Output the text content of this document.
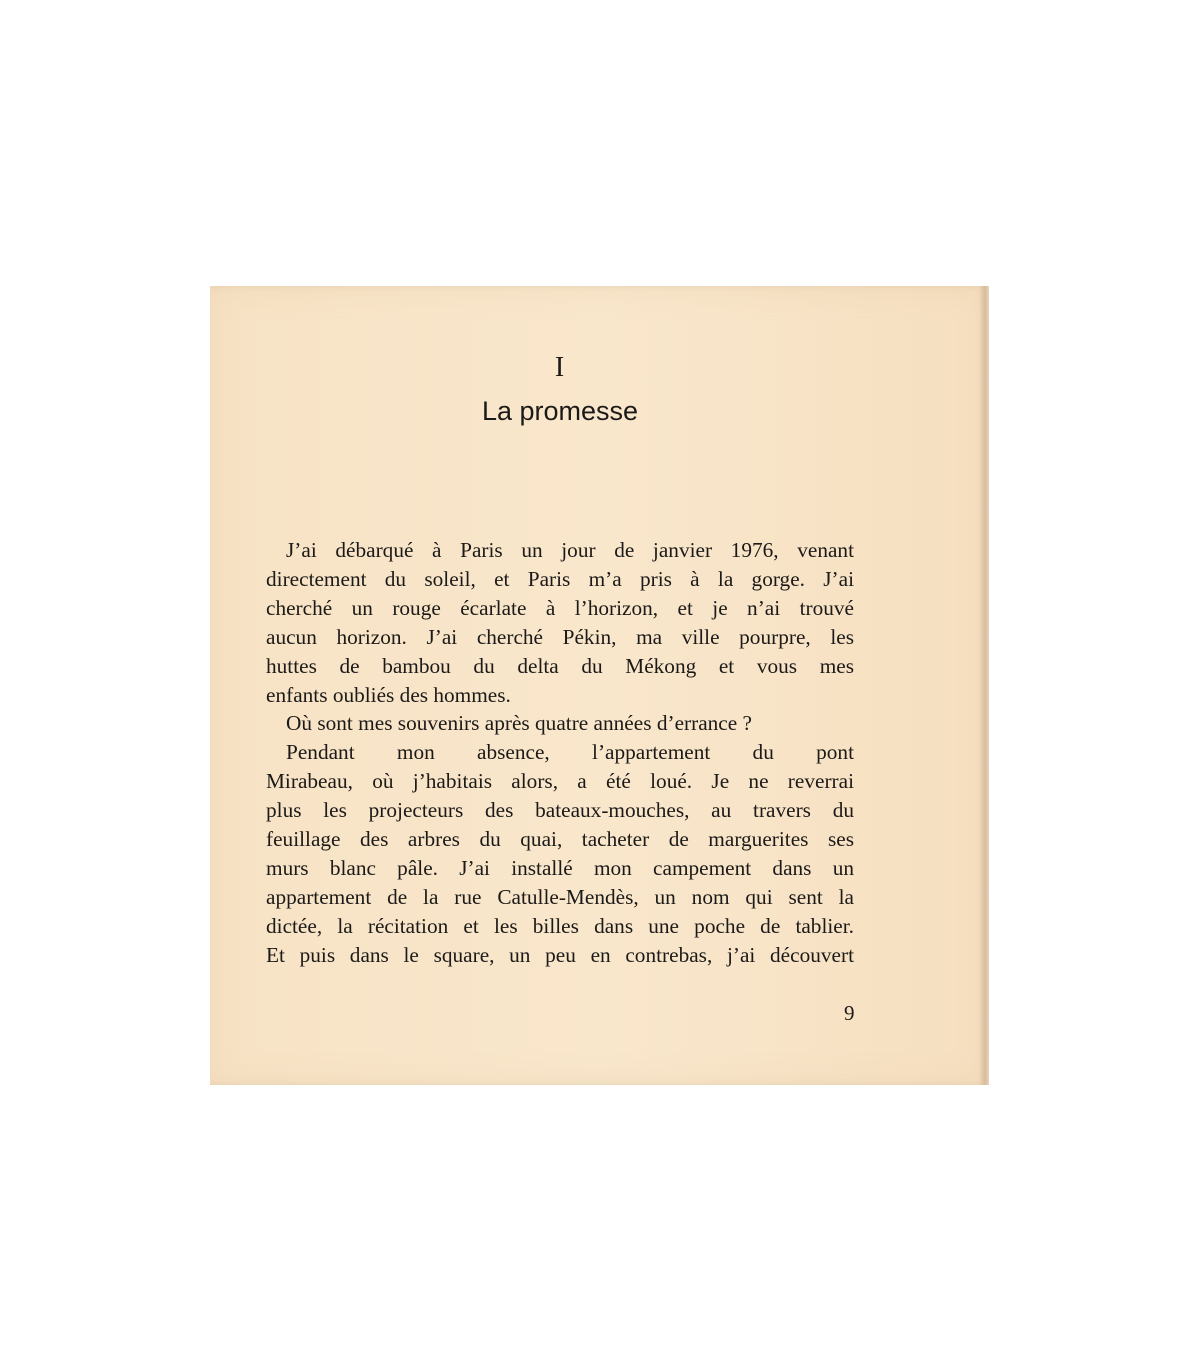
I
La promesse

J’ai débarqué à Paris un jour de janvier 1976, venant

directement du soleil, et Paris m’a pris à la gorge. J’ai

cherché un rouge écarlate à l’horizon, et je n’ai trouvé

aucun horizon. J’ai cherché Pékin, ma ville pourpre, les

huttes de bambou du delta du Mékong et vous mes

enfants oubliés des hommes.

Où sont mes souvenirs après quatre années d’errance ?

Pendant mon absence, l’appartement du pont

Mirabeau, où j’habitais alors, a été loué. Je ne reverrai

plus les projecteurs des bateaux-mouches, au travers du

feuillage des arbres du quai, tacheter de marguerites ses

murs blanc pâle. J’ai installé mon campement dans un

appartement de la rue Catulle-Mendès, un nom qui sent la

dictée, la récitation et les billes dans une poche de tablier.

Et puis dans le square, un peu en contrebas, j’ai découvert

9
